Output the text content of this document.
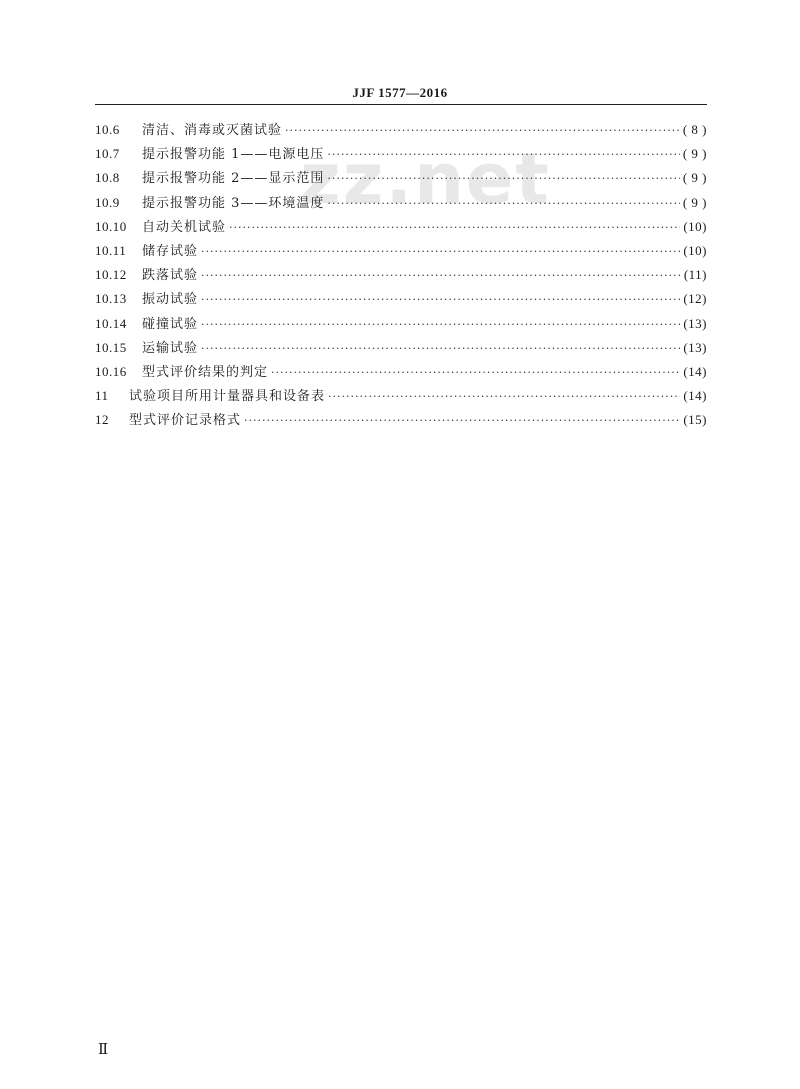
JJF 1577—2016
zz.net
10.6	清洁、消毒或灭菌试验 ·····	( 8 )
10.7	提示报警功能 1——电源电压 ·····	( 9 )
10.8	提示报警功能 2——显示范围 ·····	( 9 )
10.9	提示报警功能 3——环境温度 ·····	( 9 )
10.10	自动关机试验 ·····	(10)
10.11	储存试验 ·····	(10)
10.12	跌落试验 ·····	(11)
10.13	振动试验 ·····	(12)
10.14	碰撞试验 ·····	(13)
10.15	运输试验 ·····	(13)
10.16	型式评价结果的判定 ·····	(14)
11	试验项目所用计量器具和设备表 ·····	(14)
12	型式评价记录格式 ·····	(15)
Ⅱ
